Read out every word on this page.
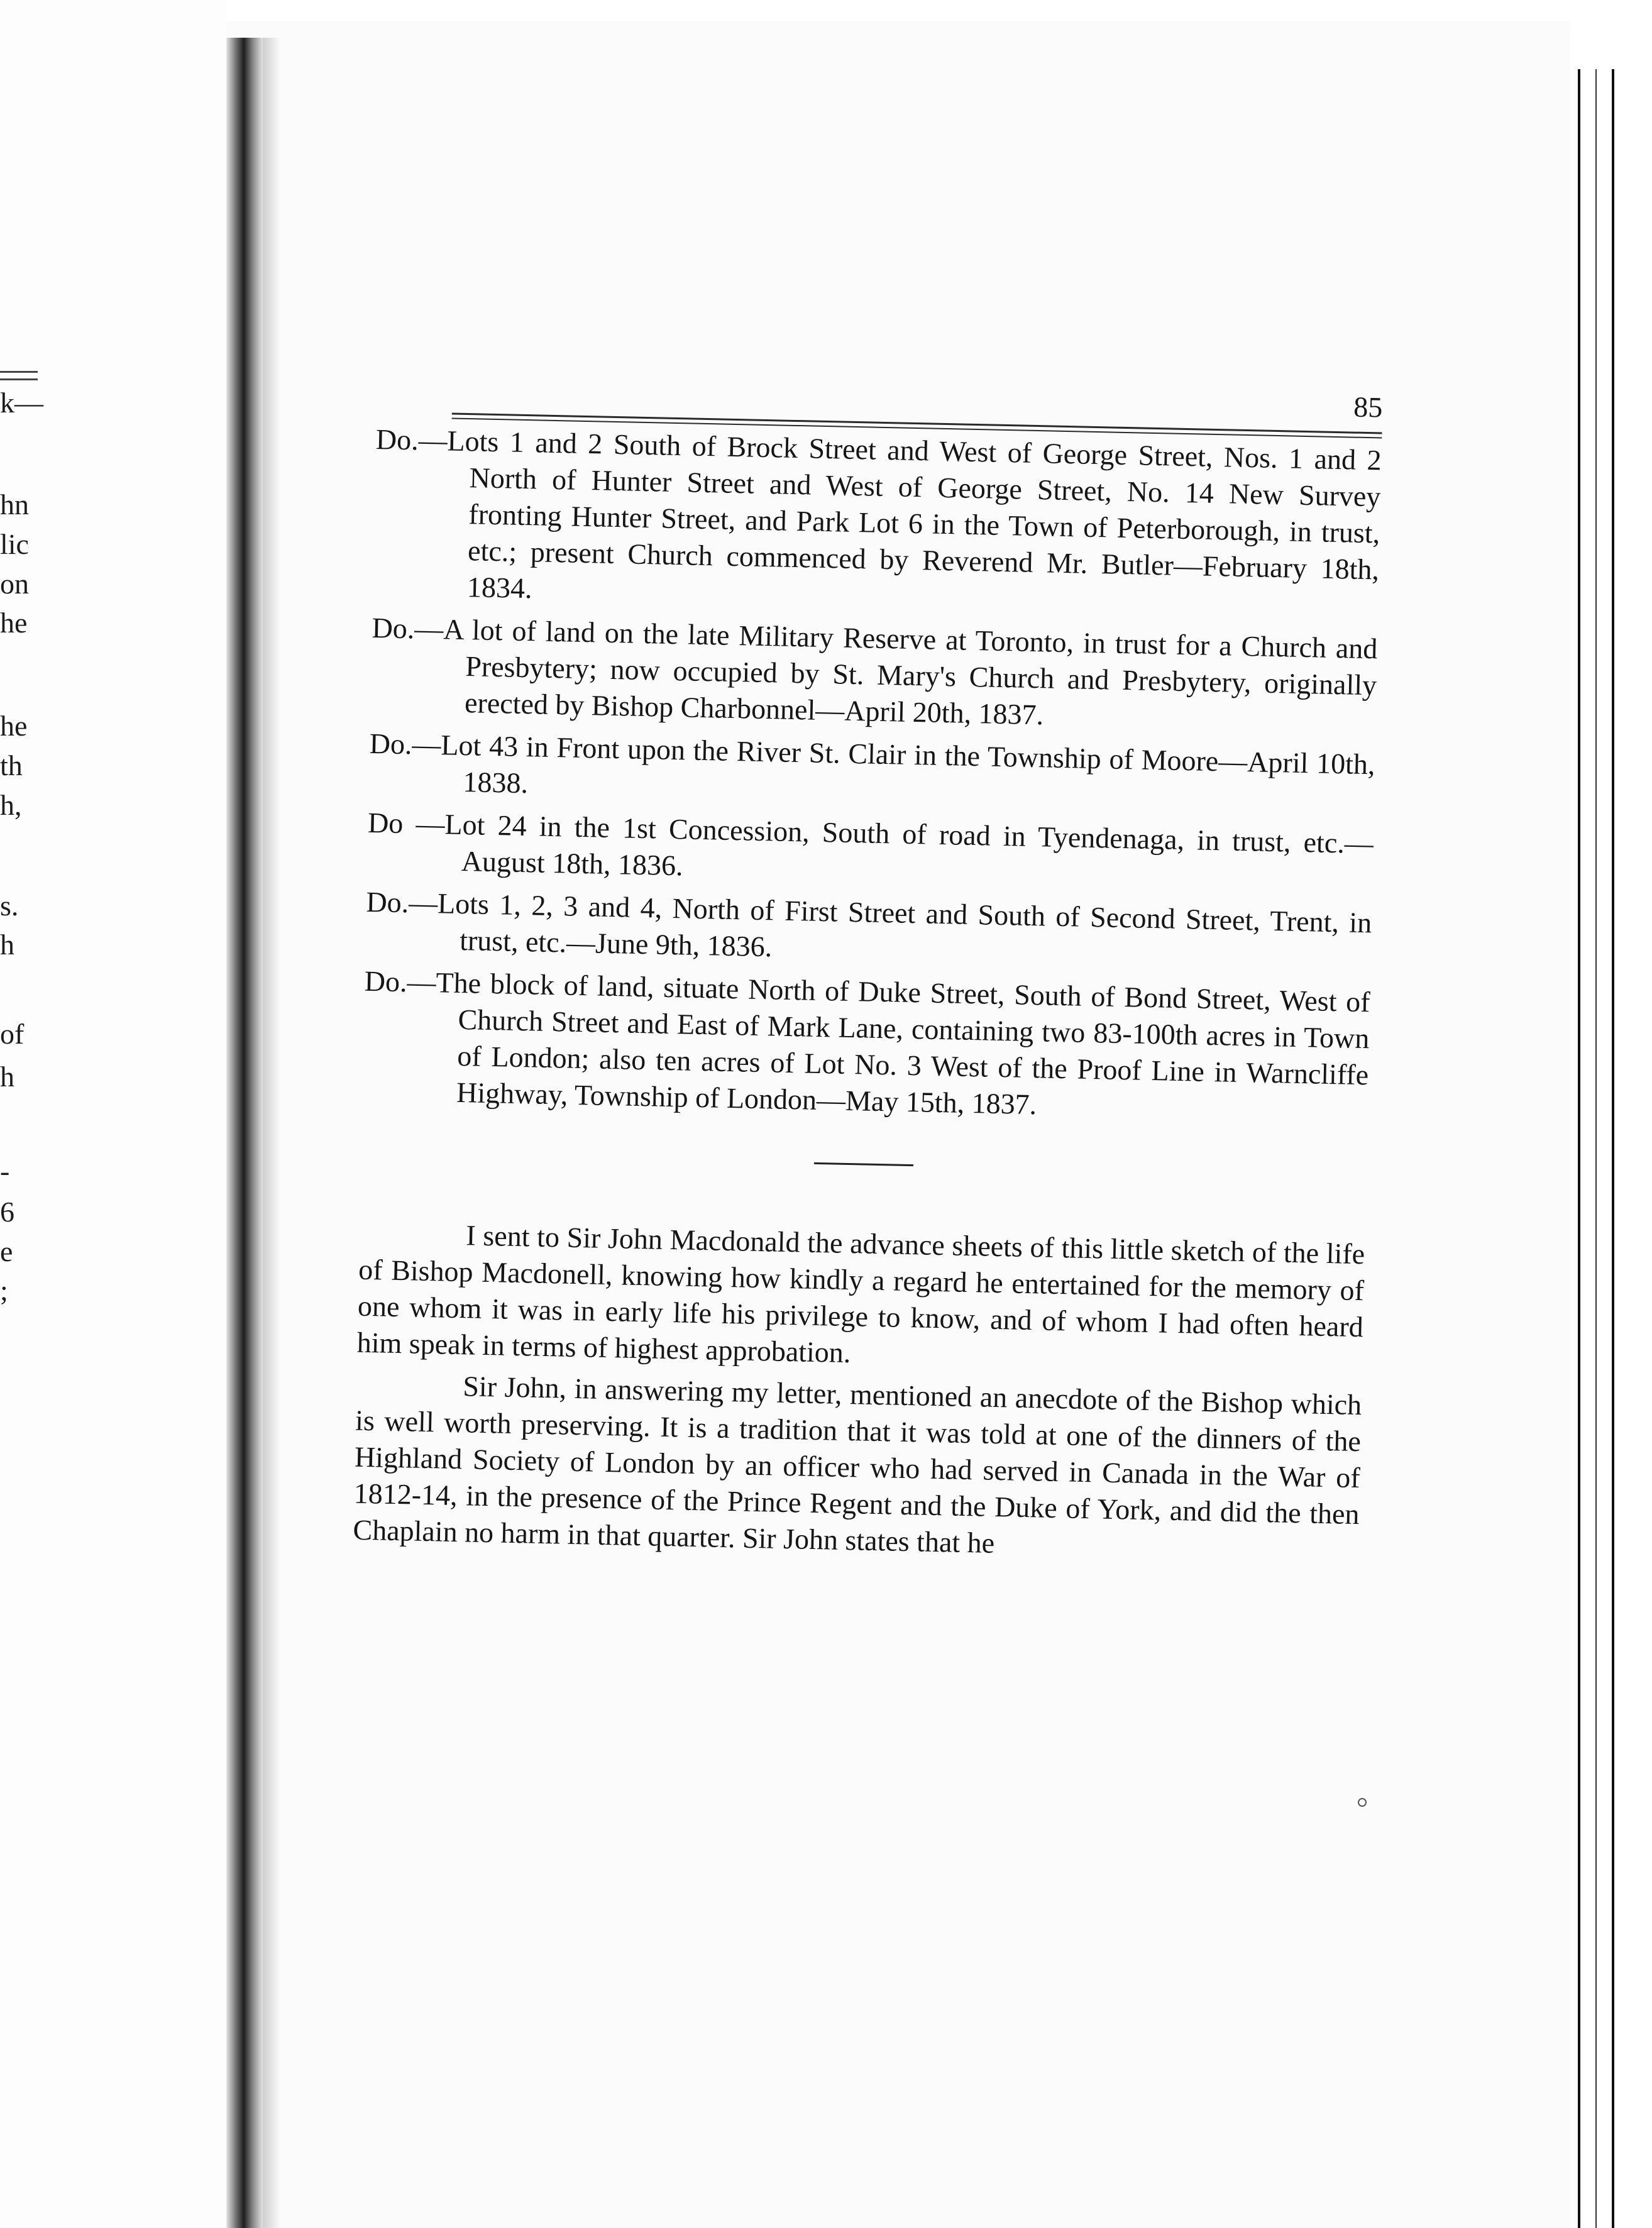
k—
hn
lic
on
he
he
th
h,
s.
h
of
h
-
6
e
;
85

Do.—Lots 1 and 2 South of Brock Street and West of George Street, Nos. 1 and 2 North of Hunter Street and West of George Street, No. 14 New Survey fronting Hunter Street, and Park Lot 6 in the Town of Peterborough, in trust, etc.; present Church commenced by Reverend Mr. Butler—February 18th, 1834.

Do.—A lot of land on the late Military Reserve at Toronto, in trust for a Church and Presbytery; now occupied by St. Mary's Church and Presbytery, originally erected by Bishop Charbonnel—April 20th, 1837.

Do.—Lot 43 in Front upon the River St. Clair in the Township of Moore—April 10th, 1838.

Do —Lot 24 in the 1st Concession, South of road in Tyendenaga, in trust, etc.—August 18th, 1836.

Do.—Lots 1, 2, 3 and 4, North of First Street and South of Second Street, Trent, in trust, etc.—June 9th, 1836.

Do.—The block of land, situate North of Duke Street, South of Bond Street, West of Church Street and East of Mark Lane, containing two 83-100th acres in Town of London; also ten acres of Lot No. 3 West of the Proof Line in Warncliffe Highway, Township of London—May 15th, 1837.

I sent to Sir John Macdonald the advance sheets of this little sketch of the life of Bishop Macdonell, knowing how kindly a regard he entertained for the memory of one whom it was in early life his privilege to know, and of whom I had often heard him speak in terms of highest approbation.

Sir John, in answering my letter, mentioned an anecdote of the Bishop which is well worth preserving. It is a tradition that it was told at one of the dinners of the Highland Society of London by an officer who had served in Canada in the War of 1812-14, in the presence of the Prince Regent and the Duke of York, and did the then Chaplain no harm in that quarter. Sir John states that he
